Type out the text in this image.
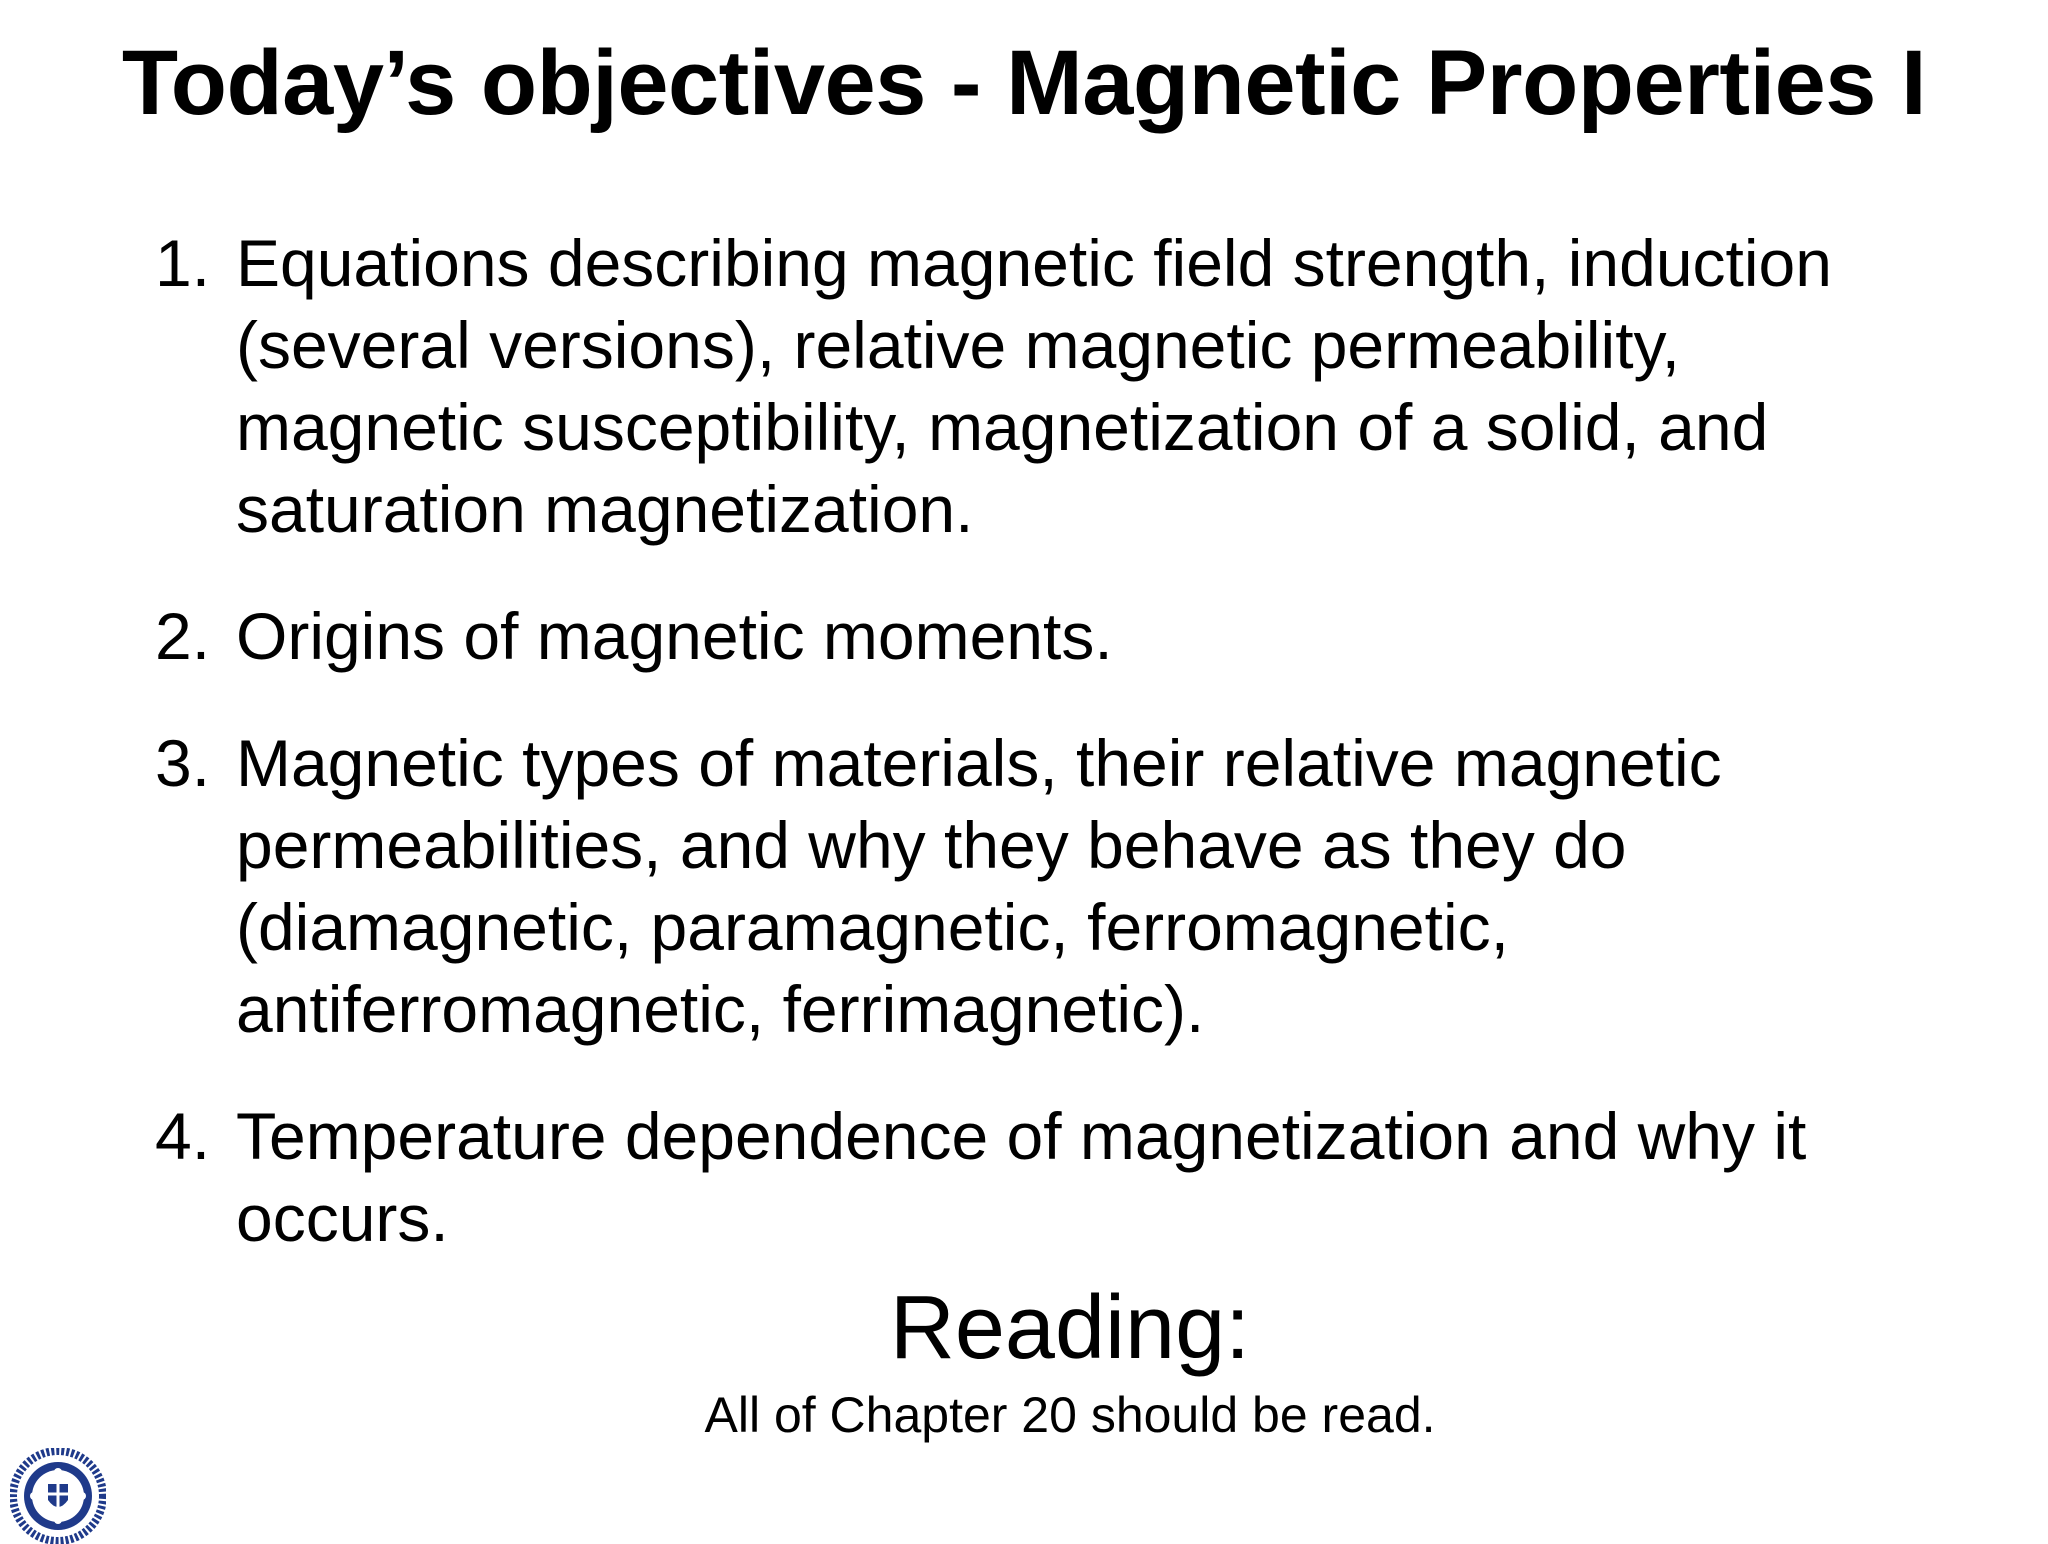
Today’s objectives - Magnetic Properties I
1. Equations describing magnetic field strength, induction (several versions), relative magnetic permeability, magnetic susceptibility, magnetization of a solid, and saturation magnetization.
2. Origins of magnetic moments.
3. Magnetic types of materials, their relative magnetic permeabilities, and why they behave as they do (diamagnetic, paramagnetic, ferromagnetic, antiferromagnetic, ferrimagnetic).
4. Temperature dependence of magnetization and why it occurs.
Reading:
All of Chapter 20 should be read.
